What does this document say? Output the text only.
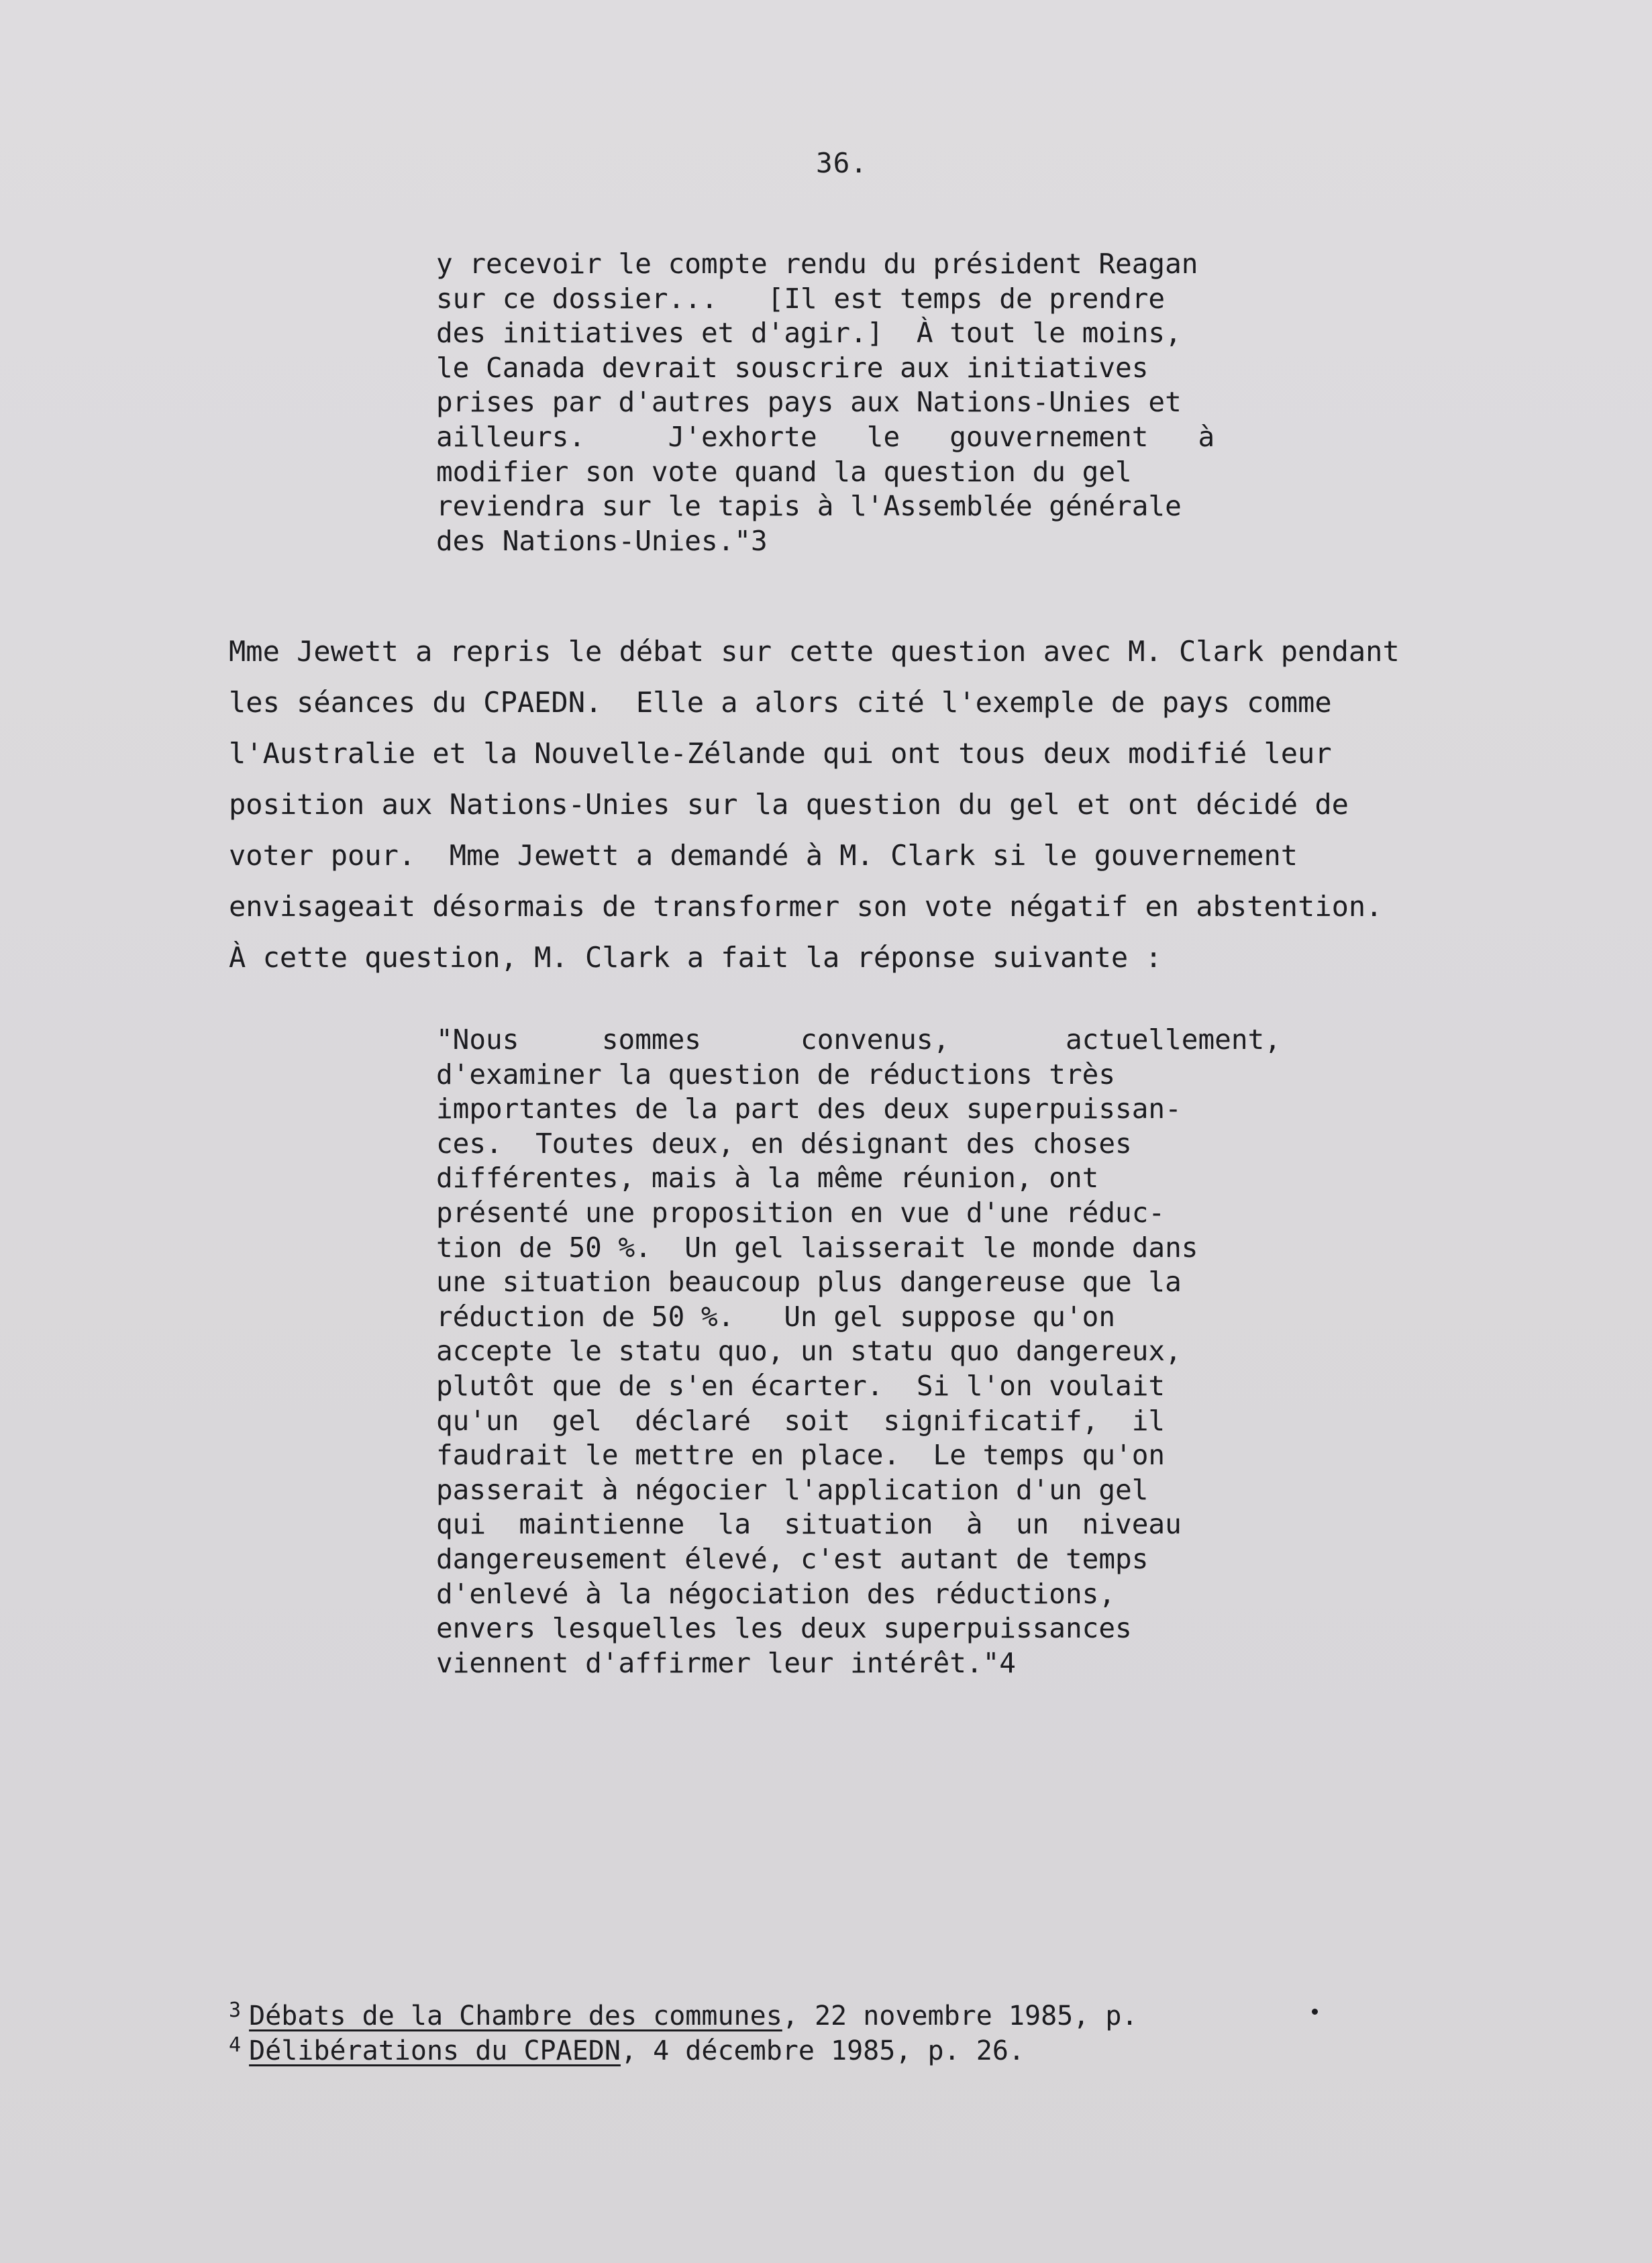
36.
y recevoir le compte rendu du président Reagan
sur ce dossier...   [Il est temps de prendre
des initiatives et d'agir.]  À tout le moins,
le Canada devrait souscrire aux initiatives
prises par d'autres pays aux Nations-Unies et
ailleurs.     J'exhorte   le   gouvernement   à
modifier son vote quand la question du gel
reviendra sur le tapis à l'Assemblée générale
des Nations-Unies."3
Mme Jewett a repris le débat sur cette question avec M. Clark pendant
les séances du CPAEDN.  Elle a alors cité l'exemple de pays comme
l'Australie et la Nouvelle-Zélande qui ont tous deux modifié leur
position aux Nations-Unies sur la question du gel et ont décidé de
voter pour.  Mme Jewett a demandé à M. Clark si le gouvernement
envisageait désormais de transformer son vote négatif en abstention.
À cette question, M. Clark a fait la réponse suivante :
"Nous     sommes      convenus,       actuellement,
d'examiner la question de réductions très
importantes de la part des deux superpuissan-
ces.  Toutes deux, en désignant des choses
différentes, mais à la même réunion, ont
présenté une proposition en vue d'une réduc-
tion de 50 %.  Un gel laisserait le monde dans
une situation beaucoup plus dangereuse que la
réduction de 50 %.   Un gel suppose qu'on
accepte le statu quo, un statu quo dangereux,
plutôt que de s'en écarter.  Si l'on voulait
qu'un  gel  déclaré  soit  significatif,  il
faudrait le mettre en place.  Le temps qu'on
passerait à négocier l'application d'un gel
qui  maintienne  la  situation  à  un  niveau
dangereusement élevé, c'est autant de temps
d'enlevé à la négociation des réductions,
envers lesquelles les deux superpuissances
viennent d'affirmer leur intérêt."4
$^3$ Débats de la Chambre des communes, 22 novembre 1985, p.
$^4$ Délibérations du CPAEDN, 4 décembre 1985, p. 26.
